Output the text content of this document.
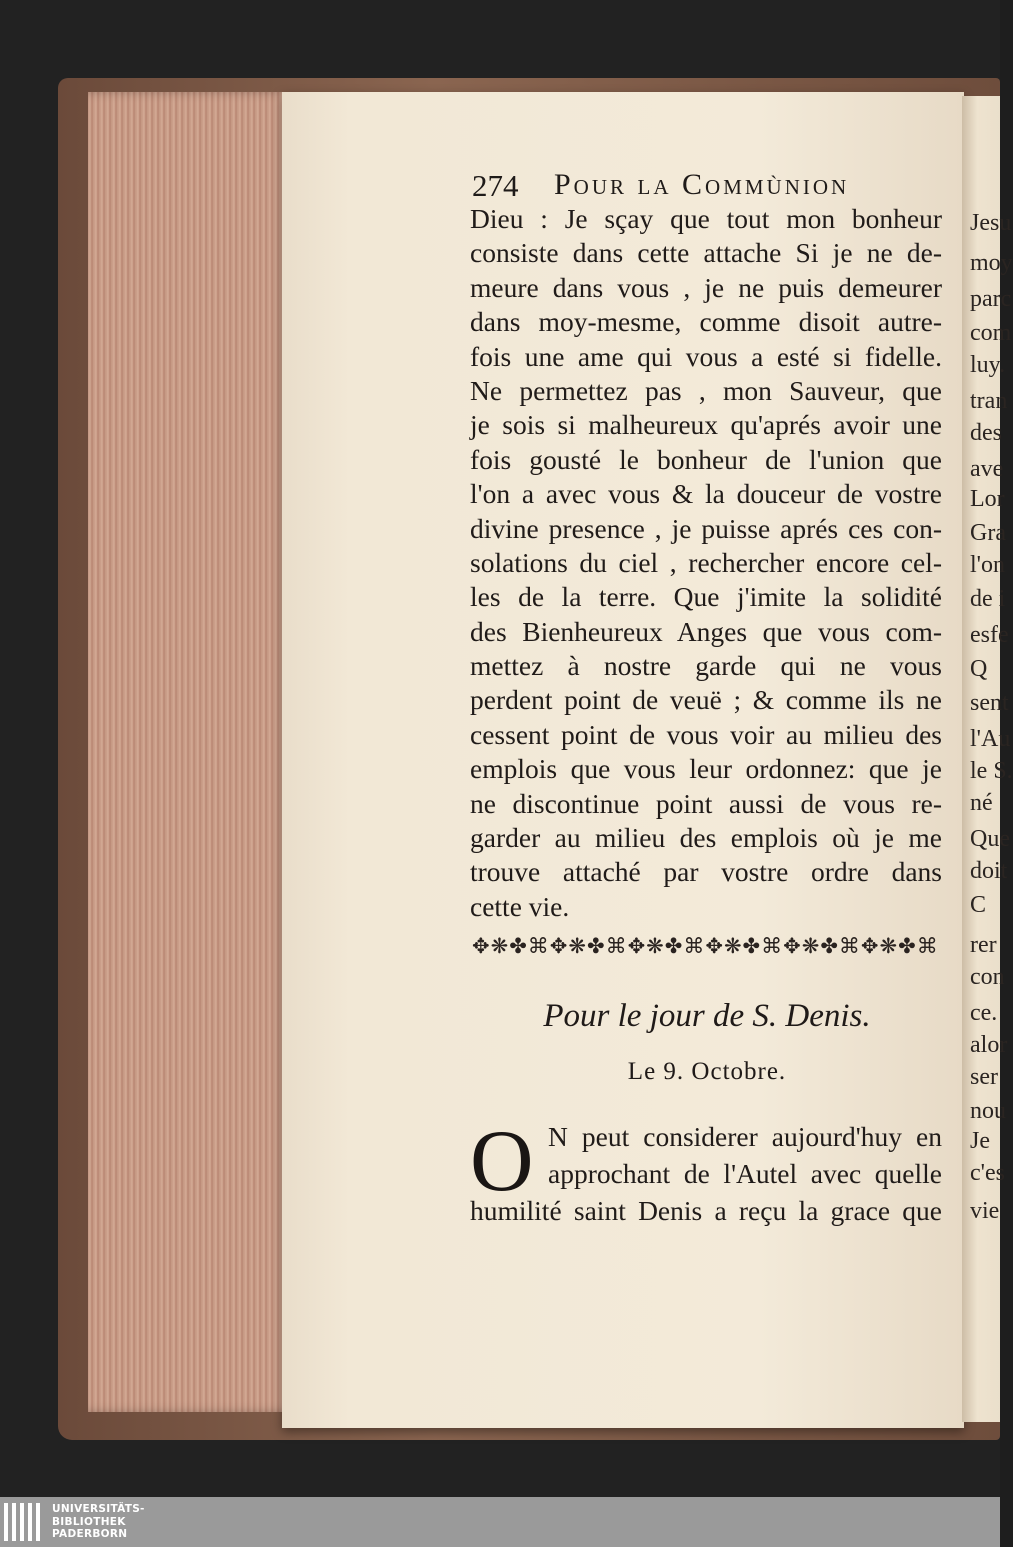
Jesu
moy
parc
com
luy.
tran
des
ave
Lor
Gra
l'on
de i
esfe
Q
sent
l'Au
le S.
né
Que
doit
C
rer
con
ce.
alor
ser
nou
Je
c'es
vie
274 Pour la Commùnion
Dieu : Je sçay que tout mon bonheur
consiste dans cette attache Si je ne de-
meure dans vous , je ne puis demeurer
dans moy-mesme, comme disoit autre-
fois une ame qui vous a esté si fidelle.
Ne permettez pas , mon Sauveur, que
je sois si malheureux qu'aprés avoir une
fois gousté le bonheur de l'union que
l'on a avec vous & la douceur de vostre
divine presence , je puisse aprés ces con-
solations du ciel , rechercher encore cel-
les de la terre. Que j'imite la solidité
des Bienheureux Anges que vous com-
mettez à nostre garde qui ne vous
perdent point de veuë ; & comme ils ne
cessent point de vous voir au milieu des
emplois que vous leur ordonnez: que je
ne discontinue point aussi de vous re-
garder au milieu des emplois où je me
trouve attaché par vostre ordre dans
cette vie.
✥❋✤⌘✥❋✤⌘✥❋✤⌘✥❋✤⌘✥❋✤⌘✥❋✤⌘
Pour le jour de S. Denis.
Le 9. Octobre.
O N peut considerer aujourd'huy en
approchant de l'Autel avec quelle
humilité saint Denis a reçu la grace que
UNIVERSITÄTS-
BIBLIOTHEK
PADERBORN
